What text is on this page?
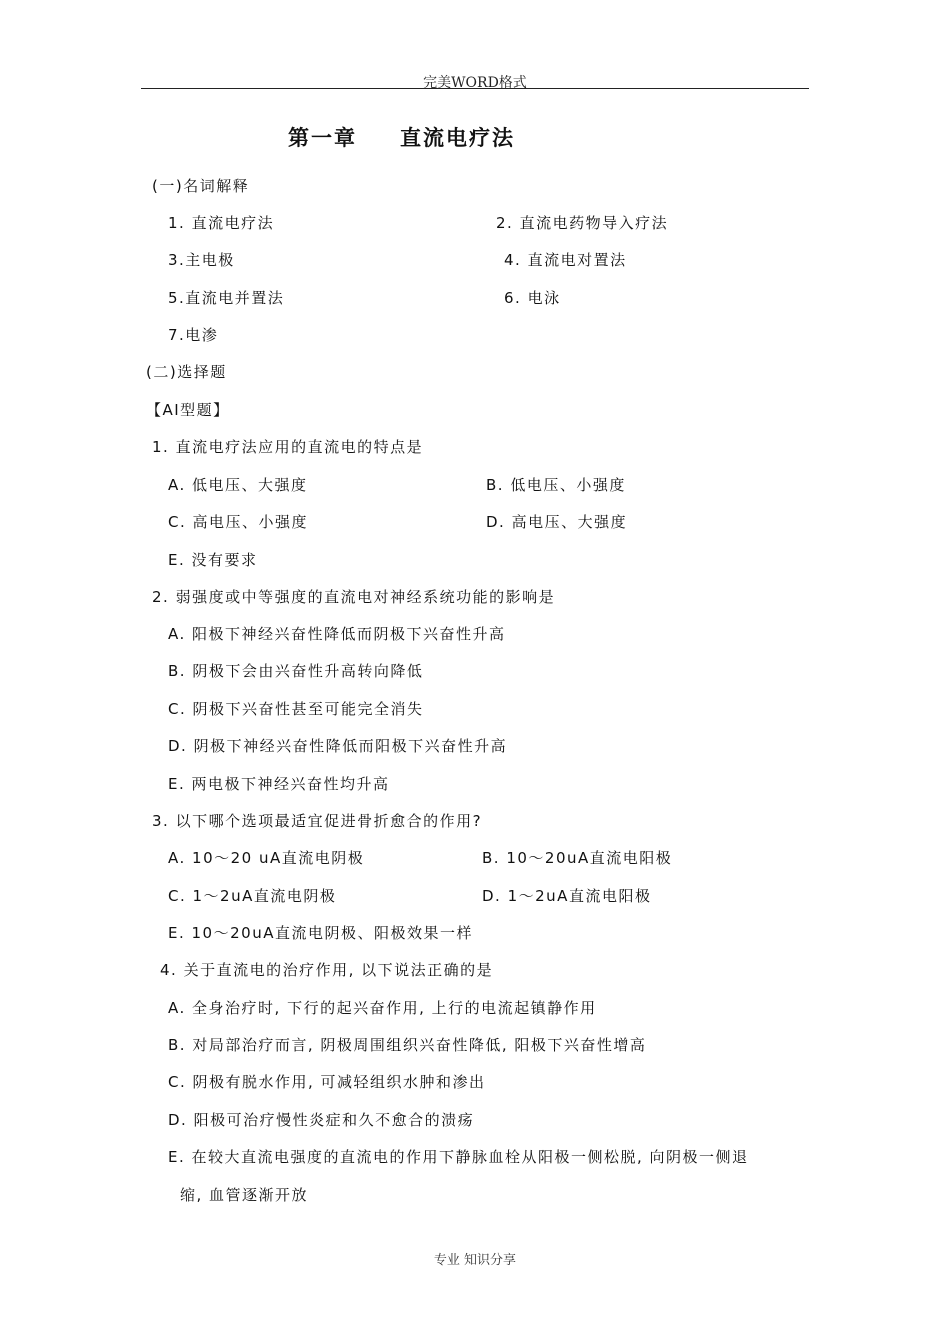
完美WORD格式
第一章 直流电疗法
(一)名词解释
1. 直流电疗法	2. 直流电药物导入疗法
3.主电极	4. 直流电对置法
5.直流电并置法	6. 电泳
7.电渗
(二)选择题
【AI型题】
1. 直流电疗法应用的直流电的特点是
A. 低电压、大强度	B. 低电压、小强度
C. 高电压、小强度	D. 高电压、大强度
E. 没有要求
2. 弱强度或中等强度的直流电对神经系统功能的影响是
A. 阳极下神经兴奋性降低而阴极下兴奋性升高
B. 阴极下会由兴奋性升高转向降低
C. 阴极下兴奋性甚至可能完全消失
D. 阴极下神经兴奋性降低而阳极下兴奋性升高
E. 两电极下神经兴奋性均升高
3. 以下哪个选项最适宜促进骨折愈合的作用?
A. 10～20 uA直流电阴极	B. 10～20uA直流电阳极
C. 1～2uA直流电阴极	D. 1～2uA直流电阳极
E. 10～20uA直流电阴极、阳极效果一样
4. 关于直流电的治疗作用, 以下说法正确的是
A. 全身治疗时, 下行的起兴奋作用, 上行的电流起镇静作用
B. 对局部治疗而言, 阴极周围组织兴奋性降低, 阳极下兴奋性增高
C. 阴极有脱水作用, 可减轻组织水肿和渗出
D. 阳极可治疗慢性炎症和久不愈合的溃疡
E. 在较大直流电强度的直流电的作用下静脉血栓从阳极一侧松脱, 向阴极一侧退
缩, 血管逐渐开放
专业 知识分享
